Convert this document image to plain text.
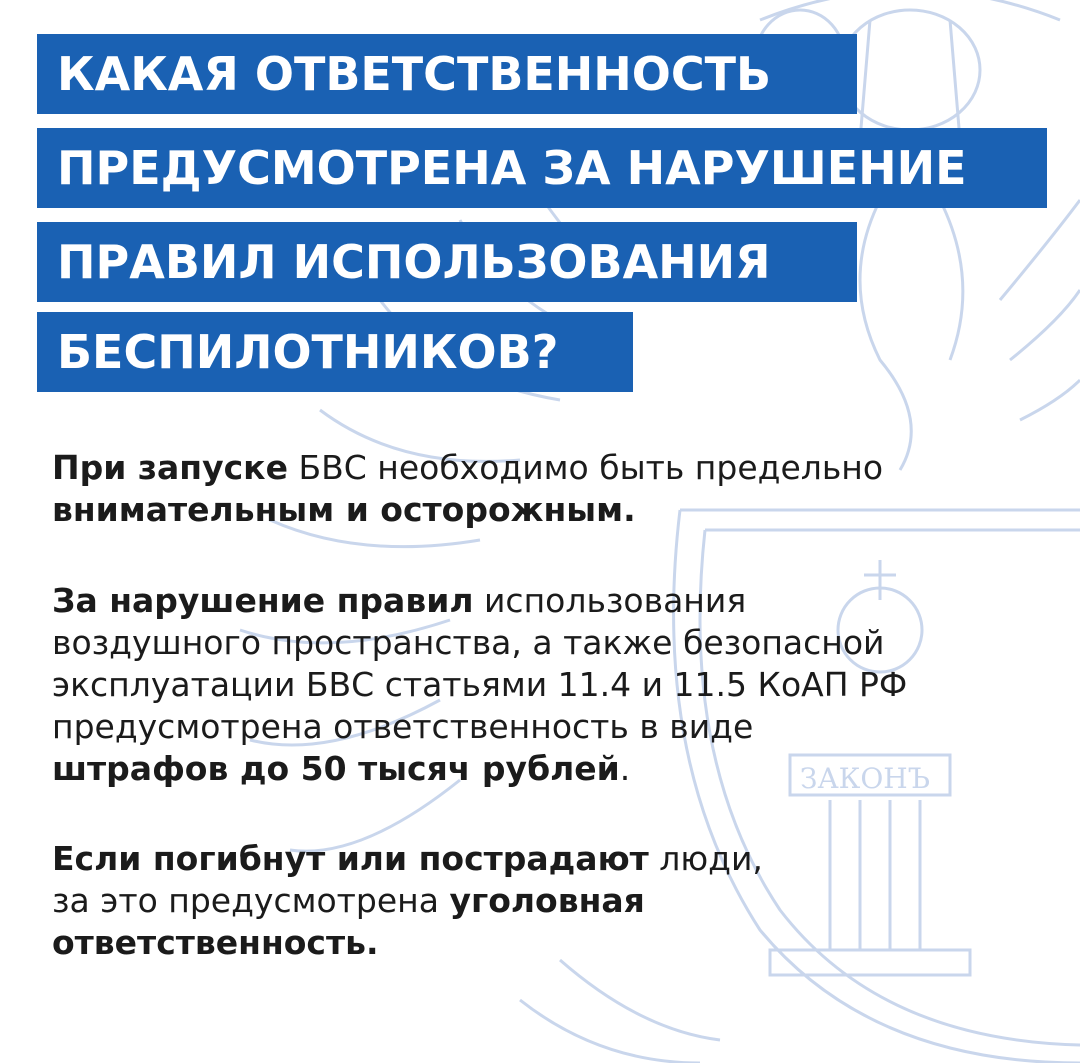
ЗАКОНЪ
КАКАЯ ОТВЕТСТВЕННОСТЬ
ПРЕДУСМОТРЕНА ЗА НАРУШЕНИЕ
ПРАВИЛ ИСПОЛЬЗОВАНИЯ
БЕСПИЛОТНИКОВ?
При запуске БВС необходимо быть предельно
внимательным и осторожным.
За нарушение правил использования
воздушного пространства, а также безопасной
эксплуатации БВС статьями 11.4 и 11.5 КоАП РФ
предусмотрена ответственность в виде
штрафов до 50 тысяч рублей.
Если погибнут или пострадают люди,
за это предусмотрена уголовная
ответственность.
